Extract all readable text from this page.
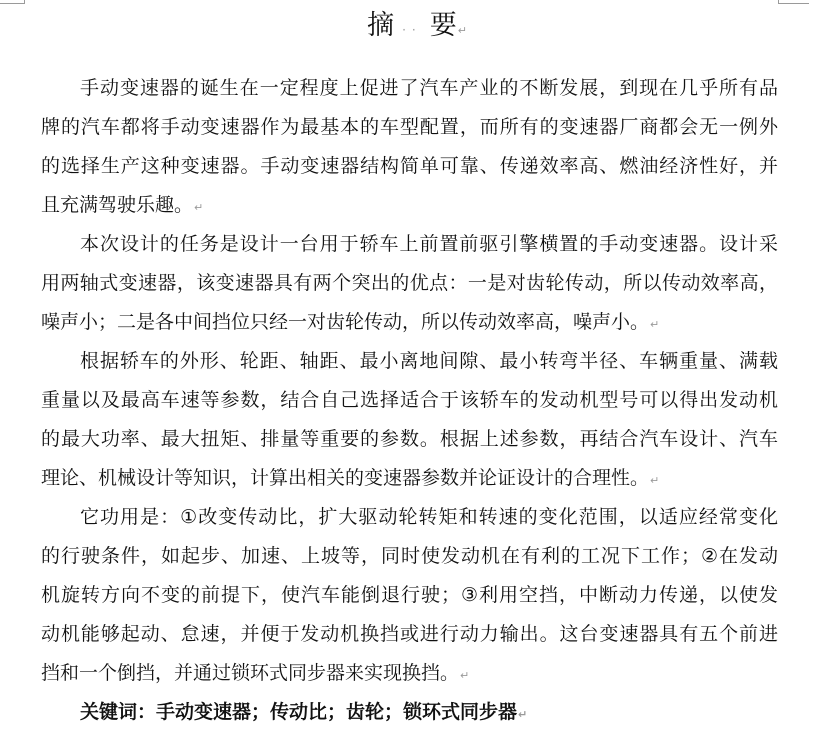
摘 ·· 要↵
手动变速器的诞生在一定程度上促进了汽车产业的不断发展，到现在几乎所有品
牌的汽车都将手动变速器作为最基本的车型配置，而所有的变速器厂商都会无一例外
的选择生产这种变速器。手动变速器结构简单可靠、传递效率高、燃油经济性好，并
且充满驾驶乐趣。↵
本次设计的任务是设计一台用于轿车上前置前驱引擎横置的手动变速器。设计采
用两轴式变速器，该变速器具有两个突出的优点：一是对齿轮传动，所以传动效率高，
噪声小；二是各中间挡位只经一对齿轮传动，所以传动效率高，噪声小。↵
根据轿车的外形、轮距、轴距、最小离地间隙、最小转弯半径、车辆重量、满载
重量以及最高车速等参数，结合自己选择适合于该轿车的发动机型号可以得出发动机
的最大功率、最大扭矩、排量等重要的参数。根据上述参数，再结合汽车设计、汽车
理论、机械设计等知识，计算出相关的变速器参数并论证设计的合理性。↵
它功用是：①改变传动比，扩大驱动轮转矩和转速的变化范围，以适应经常变化
的行驶条件，如起步、加速、上坡等，同时使发动机在有利的工况下工作；②在发动
机旋转方向不变的前提下，使汽车能倒退行驶；③利用空挡，中断动力传递，以使发
动机能够起动、怠速，并便于发动机换挡或进行动力输出。这台变速器具有五个前进
挡和一个倒挡，并通过锁环式同步器来实现换挡。↵
关键词：手动变速器；传动比；齿轮；锁环式同步器↵
